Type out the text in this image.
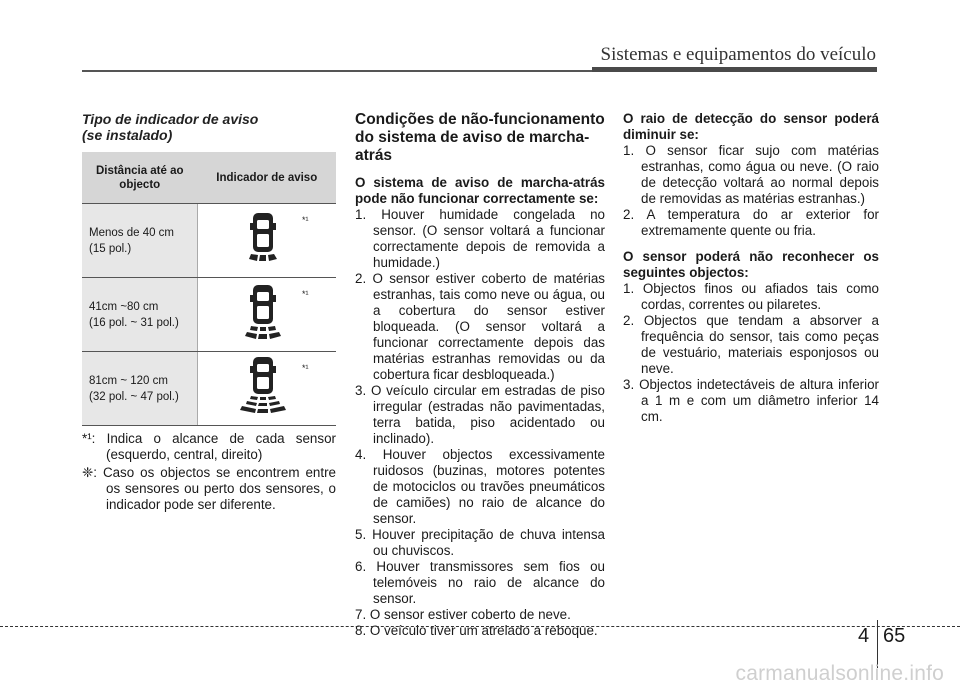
Sistemas e equipamentos do veículo
Tipo de indicador de aviso
(se instalado)
Distância até ao objecto	Indicador de aviso

Menos de 40 cm
(15 pol.)	*¹

41cm ~80 cm
(16 pol. ~ 31 pol.)	*¹

81cm ~ 120 cm
(32 pol. ~ 47 pol.)	*¹
*¹: Indica o alcance de cada sensor (esquerdo, central, direito)
❈: Caso os objectos se encontrem entre os sensores ou perto dos sensores, o indicador pode ser diferente.
Condições de não-funcionamento do sistema de aviso de marcha-atrás

O sistema de aviso de marcha-atrás pode não funcionar correctamente se:

1. Houver humidade congelada no sensor. (O sensor voltará a funcionar correctamente depois de removida a humidade.)
2. O sensor estiver coberto de matérias estranhas, tais como neve ou água, ou a cobertura do sensor estiver bloqueada. (O sensor voltará a funcionar correctamente depois das matérias estranhas removidas ou da cobertura ficar desbloqueada.)
3. O veículo circular em estradas de piso irregular (estradas não pavimentadas, terra batida, piso acidentado ou inclinado).
4. Houver objectos excessivamente ruidosos (buzinas, motores potentes de motociclos ou travões pneumáticos de camiões) no raio de alcance do sensor.
5. Houver precipitação de chuva intensa ou chuviscos.
6. Houver transmissores sem fios ou telemóveis no raio de alcance do sensor.
7. O sensor estiver coberto de neve.
8. O veículo tiver um atrelado a reboque.

O raio de detecção do sensor poderá diminuir se:

1. O sensor ficar sujo com matérias estranhas, como água ou neve. (O raio de detecção voltará ao normal depois de removidas as matérias estranhas.)
2. A temperatura do ar exterior for extremamente quente ou fria.

O sensor poderá não reconhecer os seguintes objectos:

1. Objectos finos ou afiados tais como cordas, correntes ou pilaretes.
2. Objectos que tendam a absorver a frequência do sensor, tais como peças de vestuário, materiais esponjosos ou neve.
3. Objectos indetectáveis de altura inferior a 1 m e com um diâmetro inferior 14 cm.
4 65
carmanualsonline.info
